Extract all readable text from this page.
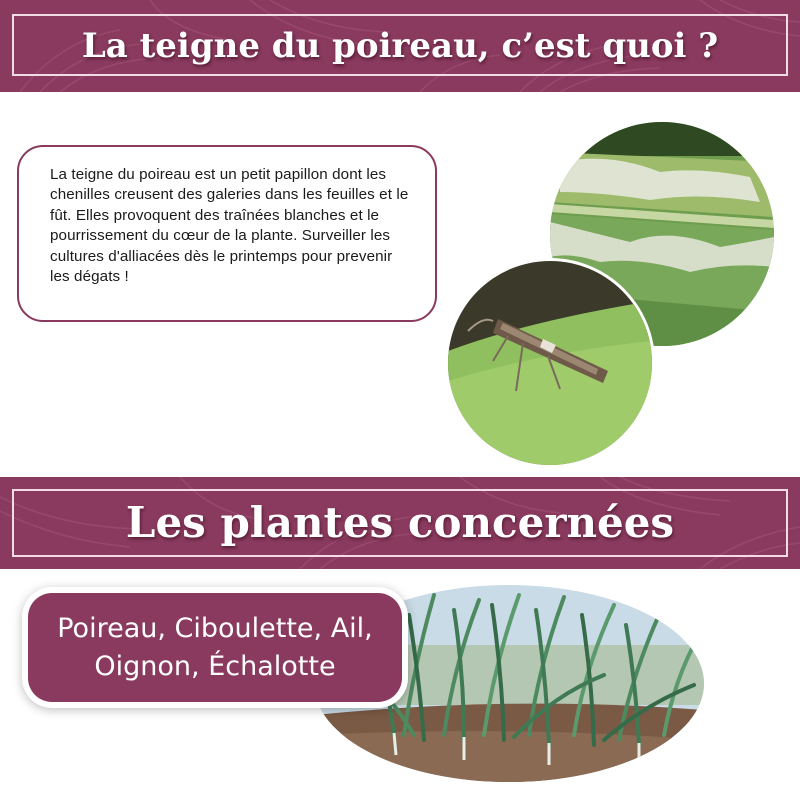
La teigne du poireau, c’est quoi ?

La teigne du poireau est un petit papillon dont les chenilles creusent des galeries dans les feuilles et le fût. Elles provoquent des traînées blanches et le pourrissement du cœur de la plante. Surveiller les cultures d'alliacées dès le printemps pour prevenir les dégats !

Les plantes concernées
Poireau, Ciboulette, Ail, Oignon, Échalotte
